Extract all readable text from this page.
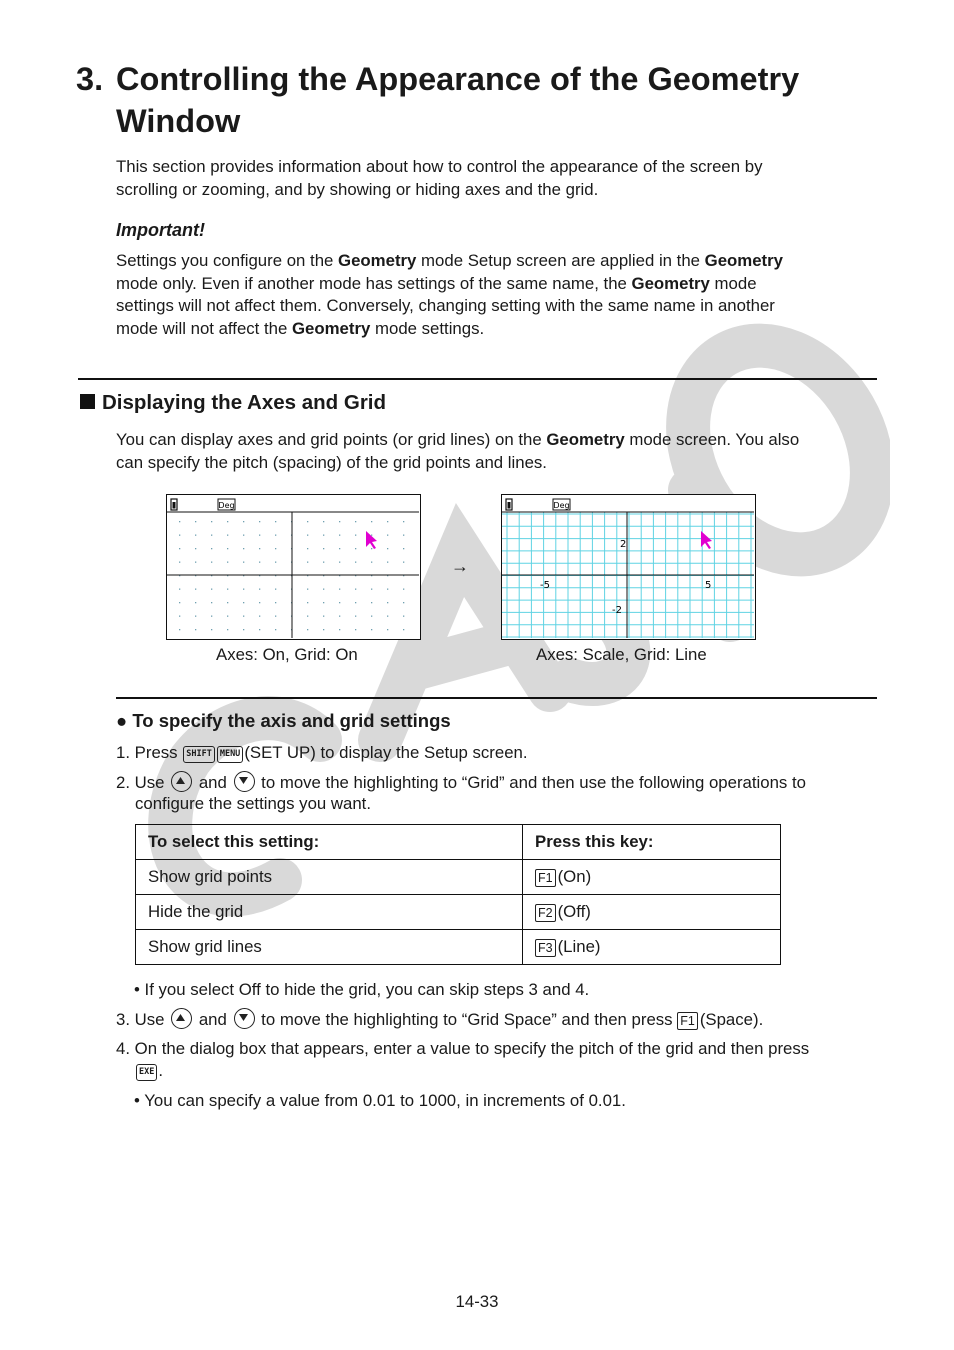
3. Controlling the Appearance of the Geometry
Window

This section provides information about how to control the appearance of the screen by
scrolling or zooming, and by showing or hiding axes and the grid.

Important!

Settings you configure on the Geometry mode Setup screen are applied in the Geometry
mode only. Even if another mode has settings of the same name, the Geometry mode
settings will not affect them. Conversely, changing setting with the same name in another
mode will not affect the Geometry mode settings.

Displaying the Axes and Grid

You can display axes and grid points (or grid lines) on the Geometry mode screen. You also
can specify the pitch (spacing) of the grid points and lines.

Deg
Axes: On, Grid: On
→
Deg
2
-5	5
-2
Axes: Scale, Grid: Line
● To specify the axis and grid settings
1. Press SHIFT MENU (SET UP) to display the Setup screen.
2. Use
and
to move the highlighting to “Grid” and then use the following operations to
configure the settings you want.
To select this setting:	Press this key:
Show grid points	F1 (On)
Hide the grid	F2 (Off)
Show grid lines	F3 (Line)
• If you select Off to hide the grid, you can skip steps 3 and 4.
3. Use
and
to move the highlighting to “Grid Space” and then press F1 (Space).
4. On the dialog box that appears, enter a value to specify the pitch of the grid and then press
EXE .
• You can specify a value from 0.01 to 1000, in increments of 0.01.
14-33
